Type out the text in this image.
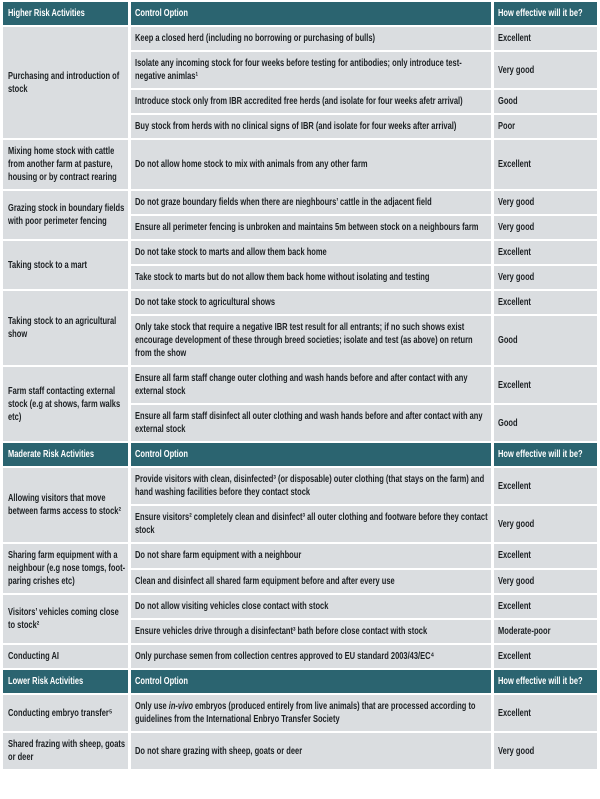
Higher Risk Activities	Control Option	How effective will it be?

Purchasing and introduction of stock	Keep a closed herd (including no borrowing or purchasing of bulls)	Excellent

	Isolate any incoming stock for four weeks before testing for antibodies; only introduce test-negative animlas¹	Very good

	Introduce stock only from IBR accredited free herds (and isolate for four weeks afetr arrival)	Good

	Buy stock from herds with no clinical signs of IBR (and isolate for four weeks after arrival)	Poor

Mixing home stock with cattle from another farm at pasture, housing or by contract rearing	Do not allow home stock to mix with animals from any other farm	Excellent

Grazing stock in boundary fields with poor perimeter fencing	Do not graze boundary fields when there are nieghbours’ cattle in the adjacent field	Very good

	Ensure all perimeter fencing is unbroken and maintains 5m between stock on a neighbours farm	Very good

Taking stock to a mart	Do not take stock to marts and allow them back home	Excellent

	Take stock to marts but do not allow them back home without isolating and testing	Very good

Taking stock to an agricultural show	Do not take stock to agricultural shows	Excellent

	Only take stock that require a negative IBR test result for all entrants; if no such shows exist encourage development of these through breed societies; isolate and test (as above) on return from the show	Good

Farm staff contacting external stock (e.g at shows, farm walks etc)	Ensure all farm staff change outer clothing and wash hands before and after contact with any external stock	Excellent

	Ensure all farm staff disinfect all outer clothing and wash hands before and after contact with any external stock	Good

Maderate Risk Activities	Control Option	How effective will it be?

Allowing visitors that move between farms access to stock²	Provide visitors with clean, disinfected³ (or disposable) outer clothing (that stays on the farm) and hand washing facilities before they contact stock	Excellent

	Ensure visitors² completely clean and disinfect³ all outer clothing and footware before they contact stock	Very good

Sharing farm equipment with a neighbour (e.g nose tomgs, foot-paring crishes etc)	Do not share farm equipment with a neighbour	Excellent

	Clean and disinfect all shared farm equipment before and after every use	Very good

Visitors’ vehicles coming close to stock²	Do not allow visiting vehicles close contact with stock	Excellent

	Ensure vehicles drive through a disinfectant³ bath before close contact with stock	Moderate-poor

Conducting AI	Only purchase semen from collection centres approved to EU standard 2003/43/EC⁴	Excellent

Lower Risk Activities	Control Option	How effective will it be?

Conducting embryo transfer⁵	Only use in-vivo embryos (produced entirely from live animals) that are processed according to guidelines from the International Enbryo Transfer Society	Excellent

Shared frazing with sheep, goats or deer	Do not share grazing with sheep, goats or deer	Very good
